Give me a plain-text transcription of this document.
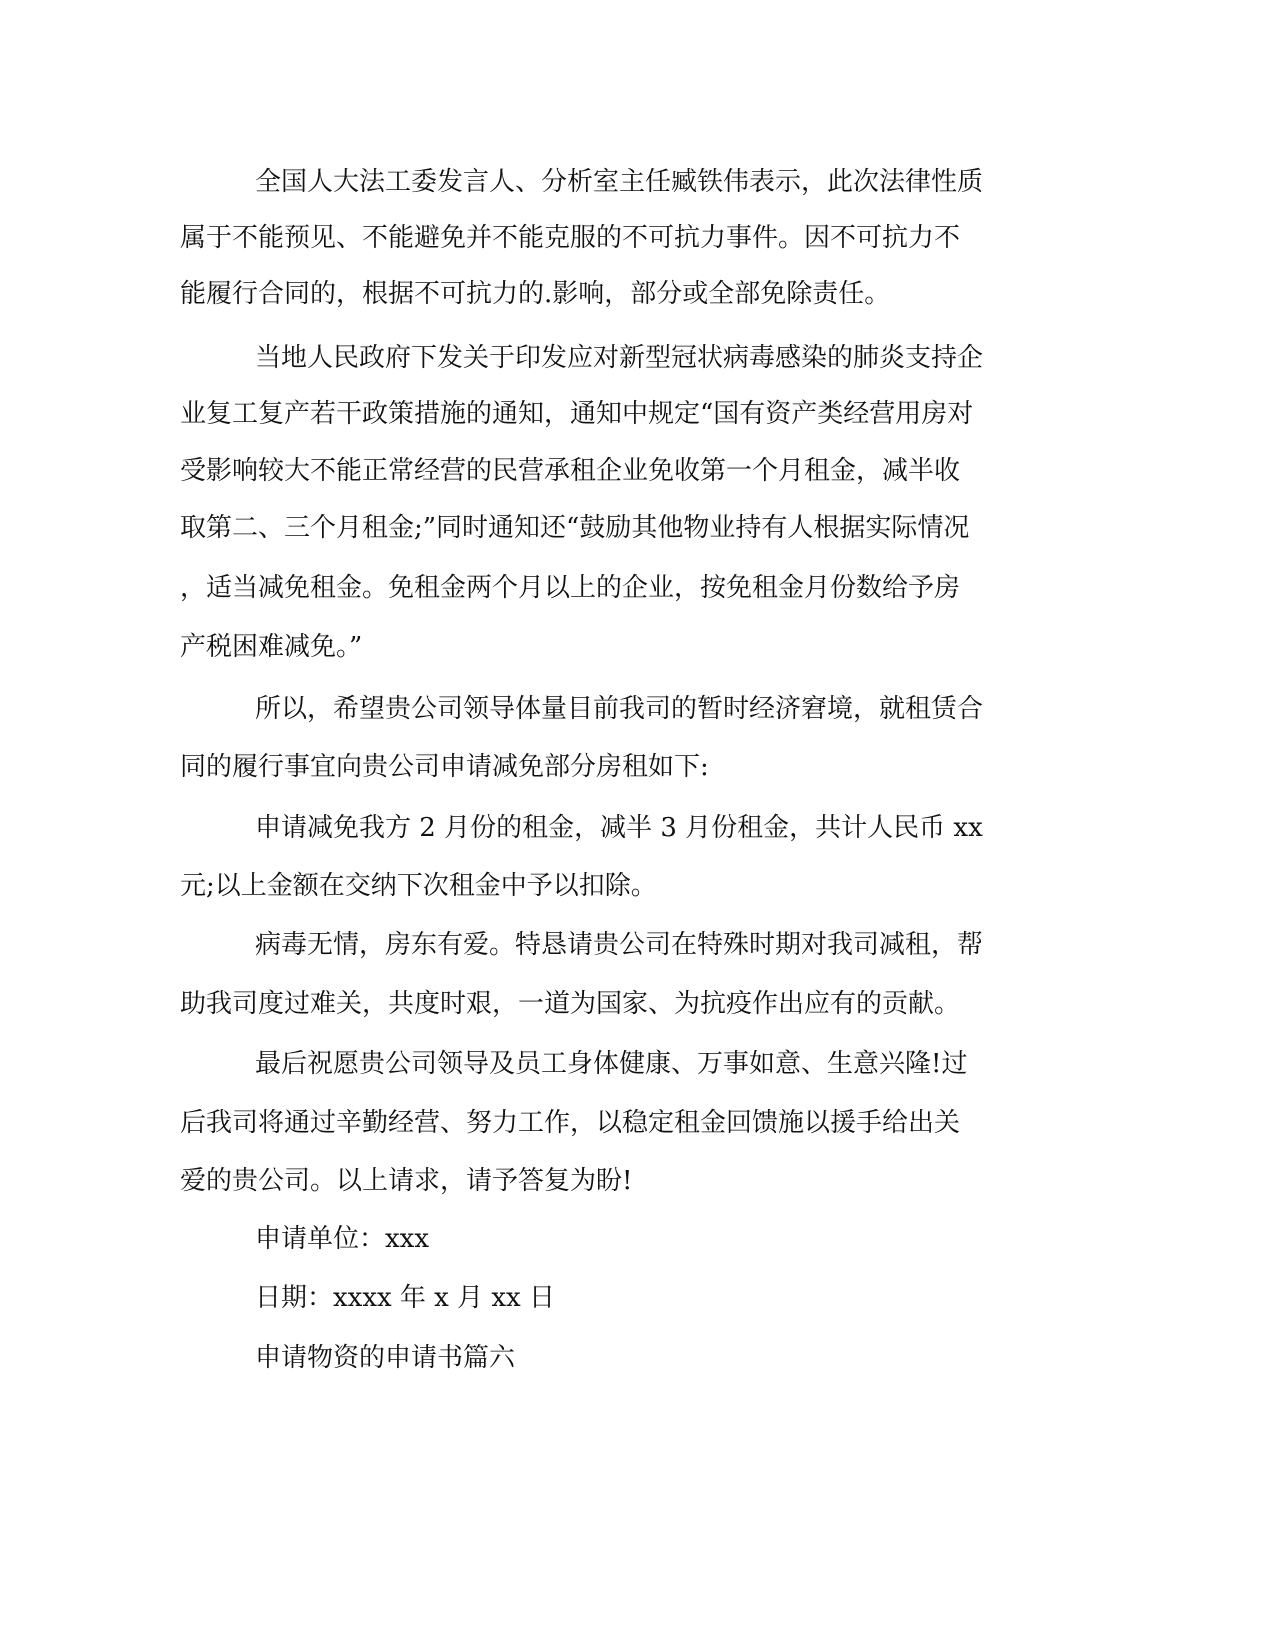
全国人大法工委发言人、分析室主任臧铁伟表示，此次法律性质
属于不能预见、不能避免并不能克服的不可抗力事件。因不可抗力不
能履行合同的，根据不可抗力的.影响，部分或全部免除责任。
当地人民政府下发关于印发应对新型冠状病毒感染的肺炎支持企
业复工复产若干政策措施的通知，通知中规定“国有资产类经营用房对
受影响较大不能正常经营的民营承租企业免收第一个月租金，减半收
取第二、三个月租金;”同时通知还“鼓励其他物业持有人根据实际情况
，适当减免租金。免租金两个月以上的企业，按免租金月份数给予房
产税困难减免。”
所以，希望贵公司领导体量目前我司的暂时经济窘境，就租赁合
同的履行事宜向贵公司申请减免部分房租如下:
申请减免我方 2 月份的租金，减半 3 月份租金，共计人民币 xx
元;以上金额在交纳下次租金中予以扣除。
病毒无情，房东有爱。特恳请贵公司在特殊时期对我司减租，帮
助我司度过难关，共度时艰，一道为国家、为抗疫作出应有的贡献。
最后祝愿贵公司领导及员工身体健康、万事如意、生意兴隆!过
后我司将通过辛勤经营、努力工作，以稳定租金回馈施以援手给出关
爱的贵公司。以上请求，请予答复为盼!
申请单位：xxx
日期：xxxx 年 x 月 xx 日
申请物资的申请书篇六
